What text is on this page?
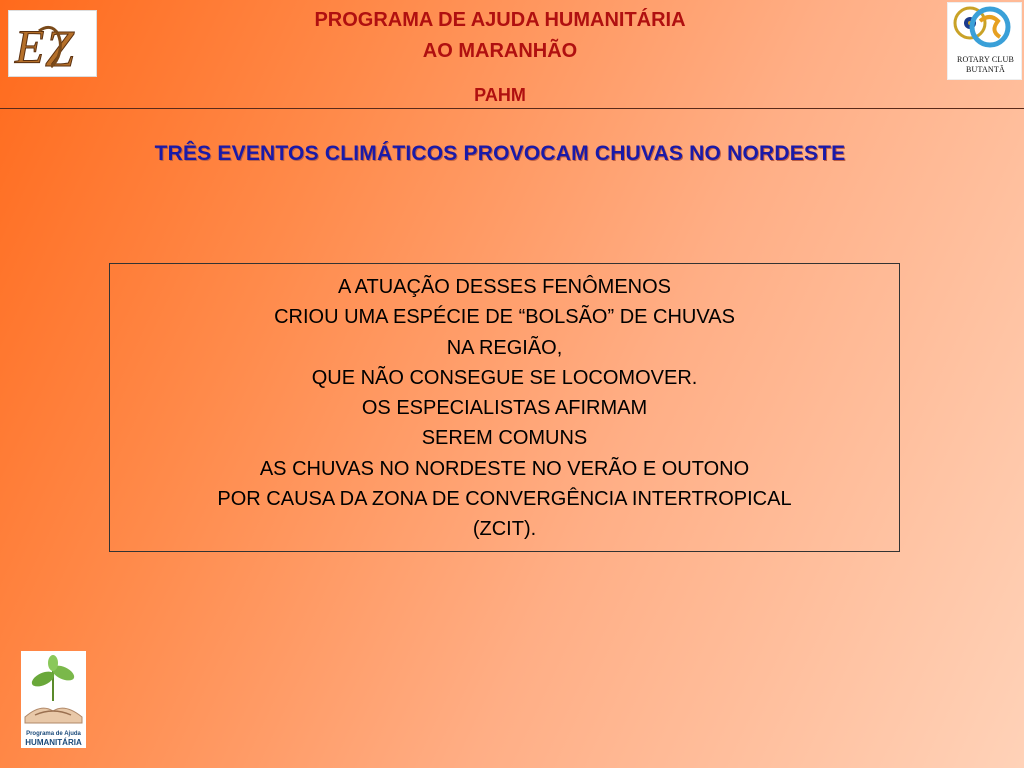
E Z	ROTARY CLUB
BUTANTÃ
PROGRAMA DE AJUDA HUMANITÁRIA
AO MARANHÃO
PAHM
TRÊS EVENTOS CLIMÁTICOS PROVOCAM CHUVAS NO NORDESTE
A ATUAÇÃO DESSES FENÔMENOS
CRIOU UMA ESPÉCIE DE “BOLSÃO” DE CHUVAS
NA REGIÃO,
QUE NÃO CONSEGUE SE LOCOMOVER.
OS ESPECIALISTAS AFIRMAM
SEREM COMUNS
AS CHUVAS NO NORDESTE NO VERÃO E OUTONO
POR CAUSA DA ZONA DE CONVERGÊNCIA INTERTROPICAL
(ZCIT).
Programa de Ajuda
HUMANITÁRIA
